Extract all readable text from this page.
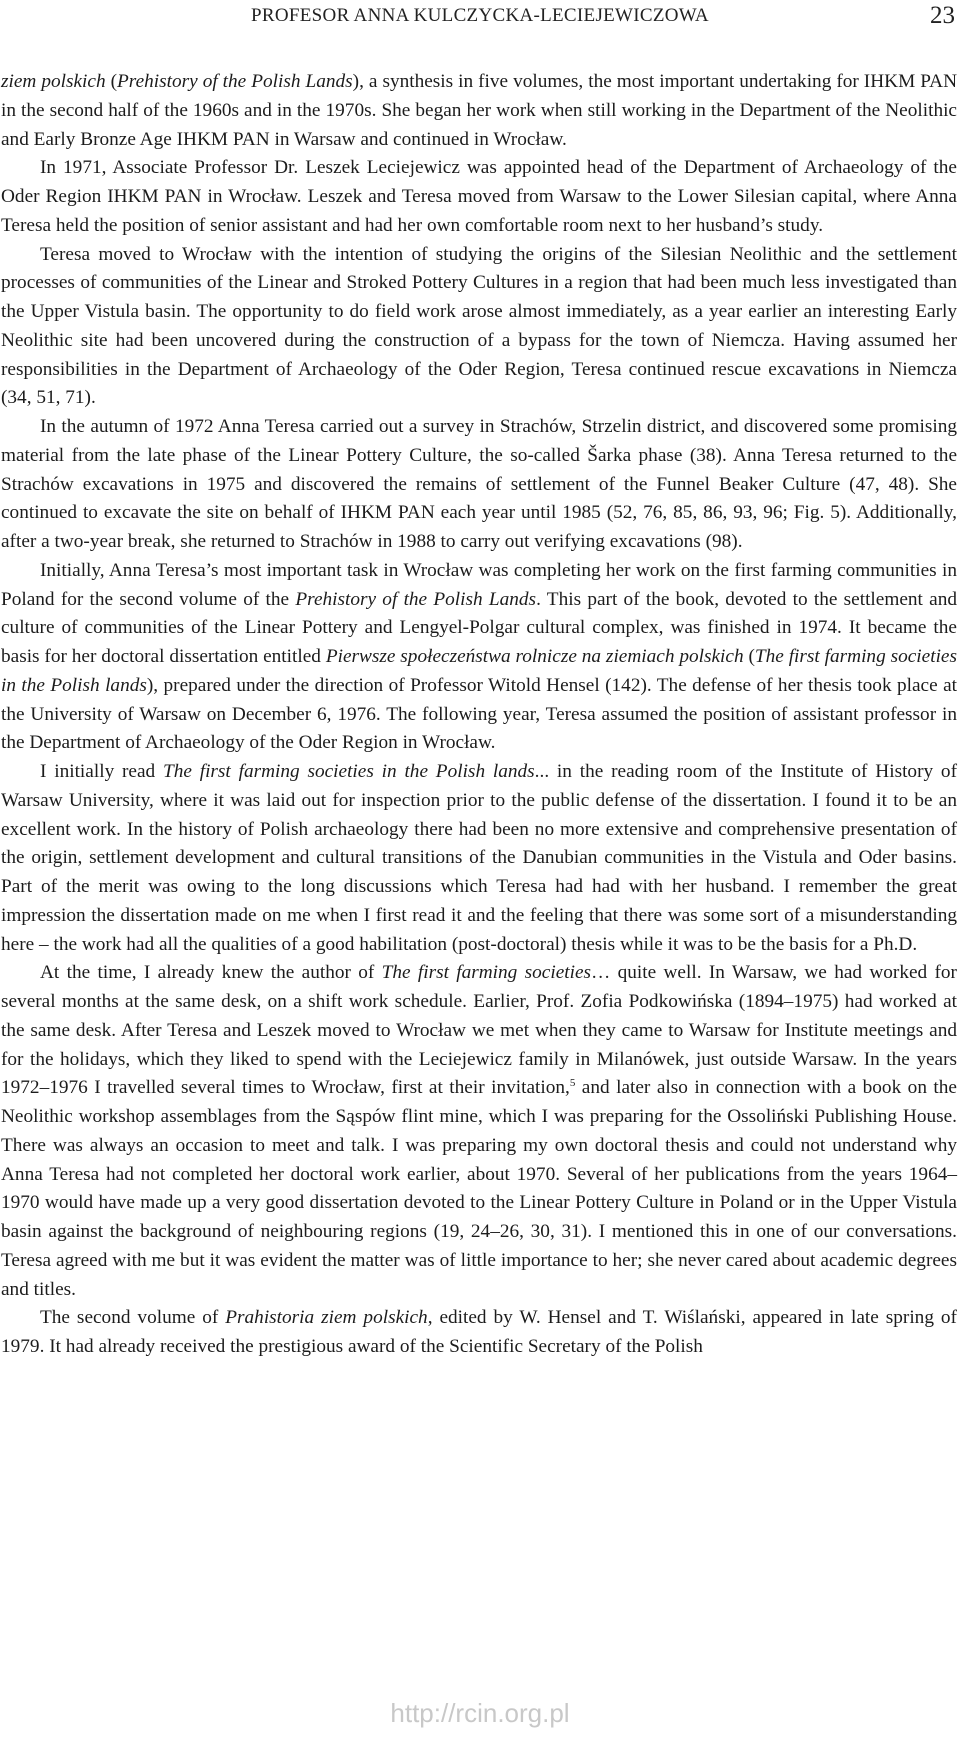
PROFESOR ANNA KULCZYCKA-LECIEJEWICZOWA	23

ziem polskich (Prehistory of the Polish Lands), a synthesis in five volumes, the most important undertaking for IHKM PAN in the second half of the 1960s and in the 1970s. She began her work when still working in the Department of the Neolithic and Early Bronze Age IHKM PAN in Warsaw and continued in Wrocław.

In 1971, Associate Professor Dr. Leszek Leciejewicz was appointed head of the Department of Archaeology of the Oder Region IHKM PAN in Wrocław. Leszek and Teresa moved from Warsaw to the Lower Silesian capital, where Anna Teresa held the position of senior assistant and had her own comfortable room next to her husband’s study.

Teresa moved to Wrocław with the intention of studying the origins of the Silesian Neolithic and the settlement processes of communities of the Linear and Stroked Pottery Cultures in a region that had been much less investigated than the Upper Vistula basin. The opportunity to do field work arose almost immediately, as a year earlier an interesting Early Neolithic site had been uncovered during the construction of a bypass for the town of Niemcza. Having assumed her responsibilities in the Department of Archaeology of the Oder Region, Teresa continued rescue excavations in Niemcza (34, 51, 71).

In the autumn of 1972 Anna Teresa carried out a survey in Strachów, Strzelin district, and discovered some promising material from the late phase of the Linear Pottery Culture, the so-called Šarka phase (38). Anna Teresa returned to the Strachów excavations in 1975 and discovered the remains of settlement of the Funnel Beaker Culture (47, 48). She continued to excavate the site on behalf of IHKM PAN each year until 1985 (52, 76, 85, 86, 93, 96; Fig. 5). Additionally, after a two-year break, she returned to Strachów in 1988 to carry out verifying excavations (98).

Initially, Anna Teresa’s most important task in Wrocław was completing her work on the first farming communities in Poland for the second volume of the Prehistory of the Polish Lands. This part of the book, devoted to the settlement and culture of communities of the Linear Pottery and Lengyel-Polgar cultural complex, was finished in 1974. It became the basis for her doctoral dissertation entitled Pierwsze społeczeństwa rolnicze na ziemiach polskich (The first farming societies in the Polish lands), prepared under the direction of Professor Witold Hensel (142). The defense of her thesis took place at the University of Warsaw on December 6, 1976. The following year, Teresa assumed the position of assistant professor in the Department of Archaeology of the Oder Region in Wrocław.

I initially read The first farming societies in the Polish lands... in the reading room of the Institute of History of Warsaw University, where it was laid out for inspection prior to the public defense of the dissertation. I found it to be an excellent work. In the history of Polish archaeology there had been no more extensive and comprehensive presentation of the origin, settlement development and cultural transitions of the Danubian communities in the Vistula and Oder basins. Part of the merit was owing to the long discussions which Teresa had had with her husband. I remember the great impression the dissertation made on me when I first read it and the feeling that there was some sort of a misunderstanding here – the work had all the qualities of a good habilitation (post-doctoral) thesis while it was to be the basis for a Ph.D.

At the time, I already knew the author of The first farming societies… quite well. In Warsaw, we had worked for several months at the same desk, on a shift work schedule. Earlier, Prof. Zofia Podkowińska (1894–1975) had worked at the same desk. After Teresa and Leszek moved to Wrocław we met when they came to Warsaw for Institute meetings and for the holidays, which they liked to spend with the Leciejewicz family in Milanówek, just outside Warsaw. In the years 1972–1976 I travelled several times to Wrocław, first at their invitation,$^5$ and later also in connection with a book on the Neolithic workshop assemblages from the Sąspów flint mine, which I was preparing for the Ossoliński Publishing House. There was always an occasion to meet and talk. I was preparing my own doctoral thesis and could not understand why Anna Teresa had not completed her doctoral work earlier, about 1970. Several of her publications from the years 1964–1970 would have made up a very good dissertation devoted to the Linear Pottery Culture in Poland or in the Upper Vistula basin against the background of neighbouring regions (19, 24–26, 30, 31). I mentioned this in one of our conversations. Teresa agreed with me but it was evident the matter was of little importance to her; she never cared about academic degrees and titles.

The second volume of Prahistoria ziem polskich, edited by W. Hensel and T. Wiślański, appeared in late spring of 1979. It had already received the prestigious award of the Scientific Secretary of the Polish

http://rcin.org.pl
